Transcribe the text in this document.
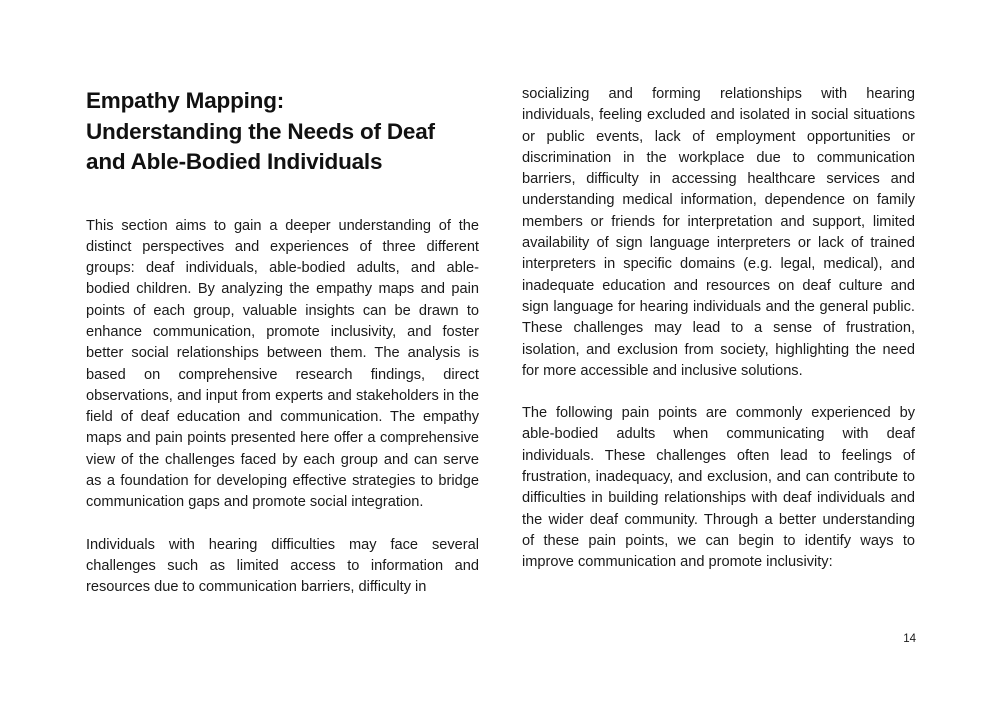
Empathy Mapping:
Understanding the Needs of Deaf
and Able-Bodied Individuals

This section aims to gain a deeper understanding of the distinct perspectives and experiences of three different groups: deaf individuals, able-bodied adults, and able-bodied children. By analyzing the empathy maps and pain points of each group, valuable insights can be drawn to enhance communication, promote inclusivity, and foster better social relationships between them. The analysis is based on comprehensive research findings, direct observations, and input from experts and stakeholders in the field of deaf education and communication. The empathy maps and pain points presented here offer a comprehensive view of the challenges faced by each group and can serve as a foundation for developing effective strategies to bridge communication gaps and promote social integration.

Individuals with hearing difficulties may face several challenges such as limited access to information and resources due to communication barriers, difficulty in

socializing and forming relationships with hearing individuals, feeling excluded and isolated in social situations or public events, lack of employment opportunities or discrimination in the workplace due to communication barriers, difficulty in accessing healthcare services and understanding medical information, dependence on family members or friends for interpretation and support, limited availability of sign language interpreters or lack of trained interpreters in specific domains (e.g. legal, medical), and inadequate education and resources on deaf culture and sign language for hearing individuals and the general public. These challenges may lead to a sense of frustration, isolation, and exclusion from society, highlighting the need for more accessible and inclusive solutions.

The following pain points are commonly experienced by able-bodied adults when communicating with deaf individuals. These challenges often lead to feelings of frustration, inadequacy, and exclusion, and can contribute to difficulties in building relationships with deaf individuals and the wider deaf community. Through a better understanding of these pain points, we can begin to identify ways to improve communication and promote inclusivity:

14
